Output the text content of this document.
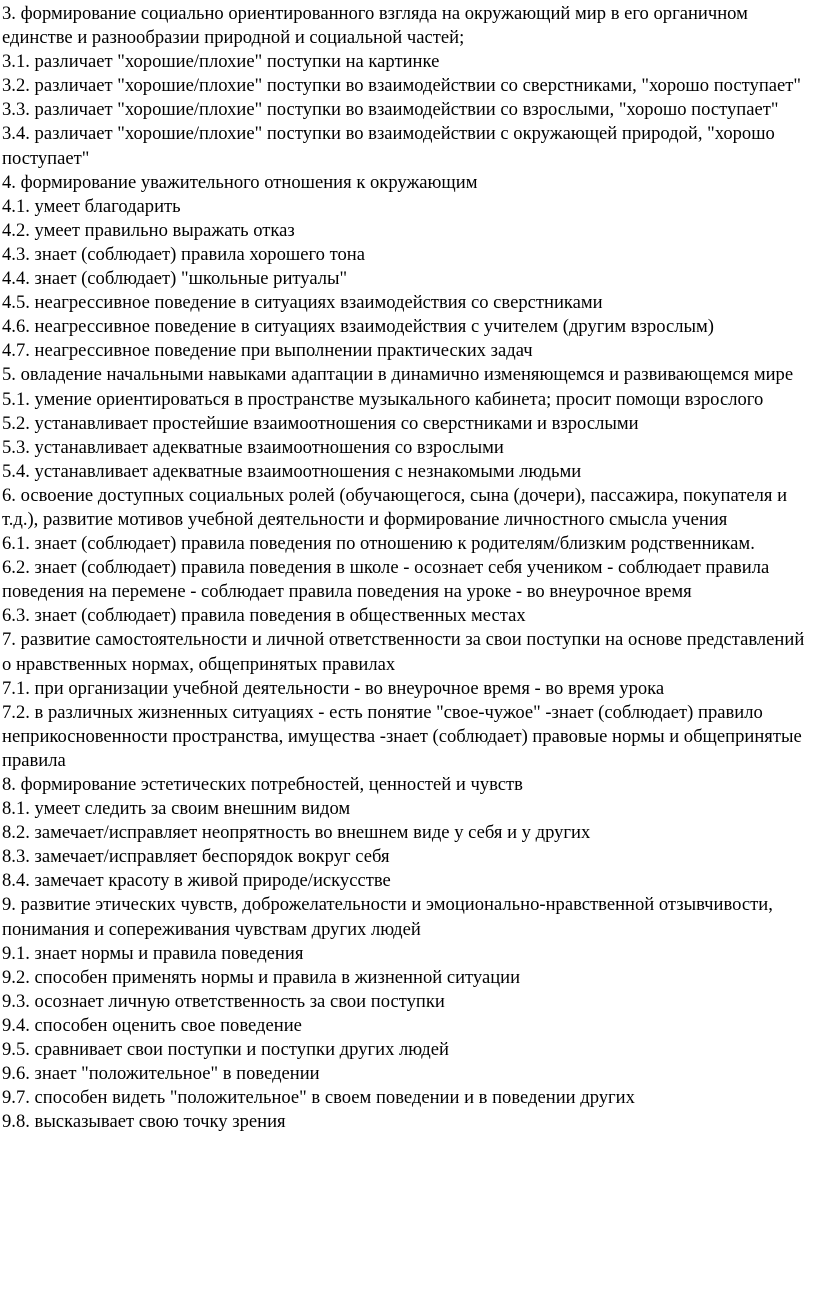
3. формирование социально ориентированного взгляда на окружающий мир в его органичном единстве и разнообразии природной и социальной частей;

3.1. различает "хорошие/плохие" поступки на картинке

3.2. различает "хорошие/плохие" поступки во взаимодействии со сверстниками, "хорошо поступает"

3.3. различает "хорошие/плохие" поступки во взаимодействии со взрослыми, "хорошо поступает"

3.4. различает "хорошие/плохие" поступки во взаимодействии с окружающей природой, "хорошо поступает"

4. формирование уважительного отношения к окружающим

4.1. умеет благодарить

4.2. умеет правильно выражать отказ

4.3. знает (соблюдает) правила хорошего тона

4.4. знает (соблюдает) "школьные ритуалы"

4.5. неагрессивное поведение в ситуациях взаимодействия со сверстниками

4.6. неагрессивное поведение в ситуациях взаимодействия с учителем (другим взрослым)

4.7. неагрессивное поведение при выполнении практических задач

5. овладение начальными навыками адаптации в динамично изменяющемся и развивающемся мире

5.1. умение ориентироваться в пространстве музыкального кабинета; просит помощи взрослого

5.2. устанавливает простейшие взаимоотношения со сверстниками и взрослыми

5.3. устанавливает адекватные взаимоотношения со взрослыми

5.4. устанавливает адекватные взаимоотношения с незнакомыми людьми

6. освоение доступных социальных ролей (обучающегося, сына (дочери), пассажира, покупателя и т.д.), развитие мотивов учебной деятельности и формирование личностного смысла учения

6.1. знает (соблюдает) правила поведения по отношению к родителям/близким родственникам.

6.2. знает (соблюдает) правила поведения в школе - осознает себя учеником - соблюдает правила поведения на перемене - соблюдает правила поведения на уроке - во внеурочное время

6.3. знает (соблюдает) правила поведения в общественных местах

7. развитие самостоятельности и личной ответственности за свои поступки на основе представлений о нравственных нормах, общепринятых правилах

7.1. при организации учебной деятельности - во внеурочное время - во время урока

7.2. в различных жизненных ситуациях - есть понятие "свое-чужое" -знает (соблюдает) правило неприкосновенности пространства, имущества -знает (соблюдает) правовые нормы и общепринятые правила

8. формирование эстетических потребностей, ценностей и чувств

8.1. умеет следить за своим внешним видом

8.2. замечает/исправляет неопрятность во внешнем виде у себя и у других

8.3. замечает/исправляет беспорядок вокруг себя

8.4. замечает красоту в живой природе/искусстве

9. развитие этических чувств, доброжелательности и эмоционально-нравственной отзывчивости, понимания и сопереживания чувствам других людей

9.1. знает нормы и правила поведения

9.2. способен применять нормы и правила в жизненной ситуации

9.3. осознает личную ответственность за свои поступки

9.4. способен оценить свое поведение

9.5. сравнивает свои поступки и поступки других людей

9.6. знает "положительное" в поведении

9.7. способен видеть "положительное" в своем поведении и в поведении других

9.8. высказывает свою точку зрения
